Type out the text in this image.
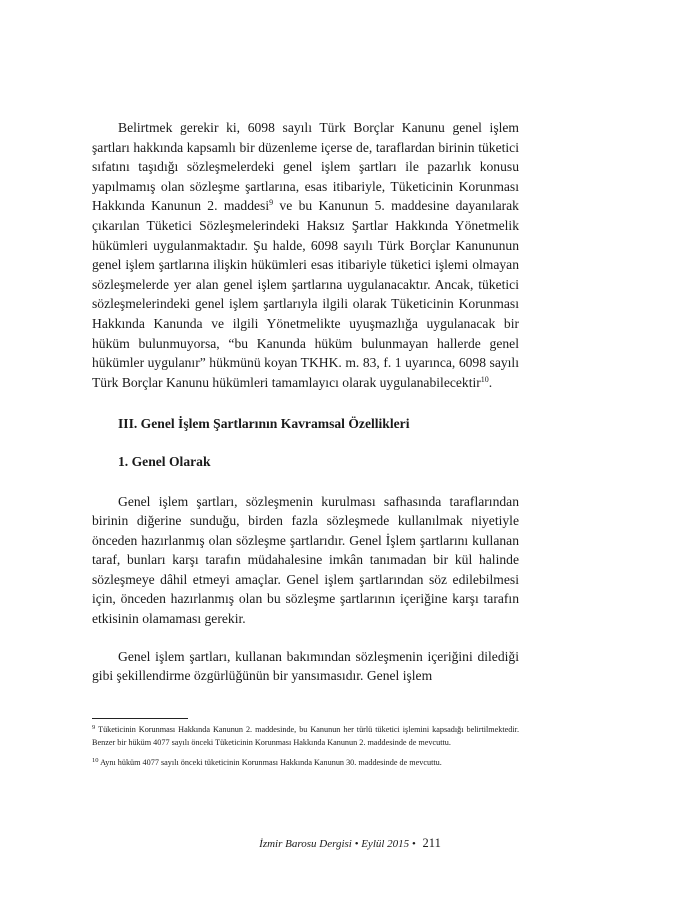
Belirtmek gerekir ki, 6098 sayılı Türk Borçlar Kanunu genel işlem şartları hakkında kapsamlı bir düzenleme içerse de, taraflardan birinin tüketici sıfatını taşıdığı sözleşmelerdeki genel işlem şartları ile pazarlık konusu yapılmamış olan sözleşme şartlarına, esas itibariyle, Tüketicinin Korunması Hakkında Kanunun 2. maddesi$^9$ ve bu Kanunun 5. maddesine dayanılarak çıkarılan Tüketici Sözleşmelerindeki Haksız Şartlar Hakkında Yönetmelik hükümleri uygulanmaktadır. Şu halde, 6098 sayılı Türk Borçlar Kanununun genel işlem şartlarına ilişkin hükümleri esas itibariyle tüketici işlemi olmayan sözleşmelerde yer alan genel işlem şartlarına uygulanacaktır. Ancak, tüketici sözleşmelerindeki genel işlem şartlarıyla ilgili olarak Tüketicinin Korunması Hakkında Kanunda ve ilgili Yönetmelikte uyuşmazlığa uygulanacak bir hüküm bulunmuyorsa, “bu Kanunda hüküm bulunmayan hallerde genel hükümler uygulanır” hükmünü koyan TKHK. m. 83, f. 1 uyarınca, 6098 sayılı Türk Borçlar Kanunu hükümleri tamamlayıcı olarak uygulanabilecektir$^{10}$.

III. Genel İşlem Şartlarının Kavramsal Özellikleri

1. Genel Olarak

Genel işlem şartları, sözleşmenin kurulması safhasında taraflarından birinin diğerine sunduğu, birden fazla sözleşmede kullanılmak niyetiyle önceden hazırlanmış olan sözleşme şartlarıdır. Genel İşlem şartlarını kullanan taraf, bunları karşı tarafın müdahalesine imkân tanımadan bir kül halinde sözleşmeye dâhil etmeyi amaçlar. Genel işlem şartlarından söz edilebilmesi için, önceden hazırlanmış olan bu sözleşme şartlarının içeriğine karşı tarafın etkisinin olamaması gerekir.

Genel işlem şartları, kullanan bakımından sözleşmenin içeriğini dilediği gibi şekillendirme özgürlüğünün bir yansımasıdır. Genel işlem

$^9$ Tüketicinin Korunması Hakkında Kanunun 2. maddesinde, bu Kanunun her türlü tüketici işlemini kapsadığı belirtilmektedir. Benzer bir hüküm 4077 sayılı önceki Tüketicinin Korunması Hakkında Kanunun 2. maddesinde de mevcuttu.

$^{10}$ Aynı hüküm 4077 sayılı önceki tüketicinin Korunması Hakkında Kanunun 30. maddesinde de mevcuttu.

İzmir Barosu Dergisi • Eylül 2015 • 211
